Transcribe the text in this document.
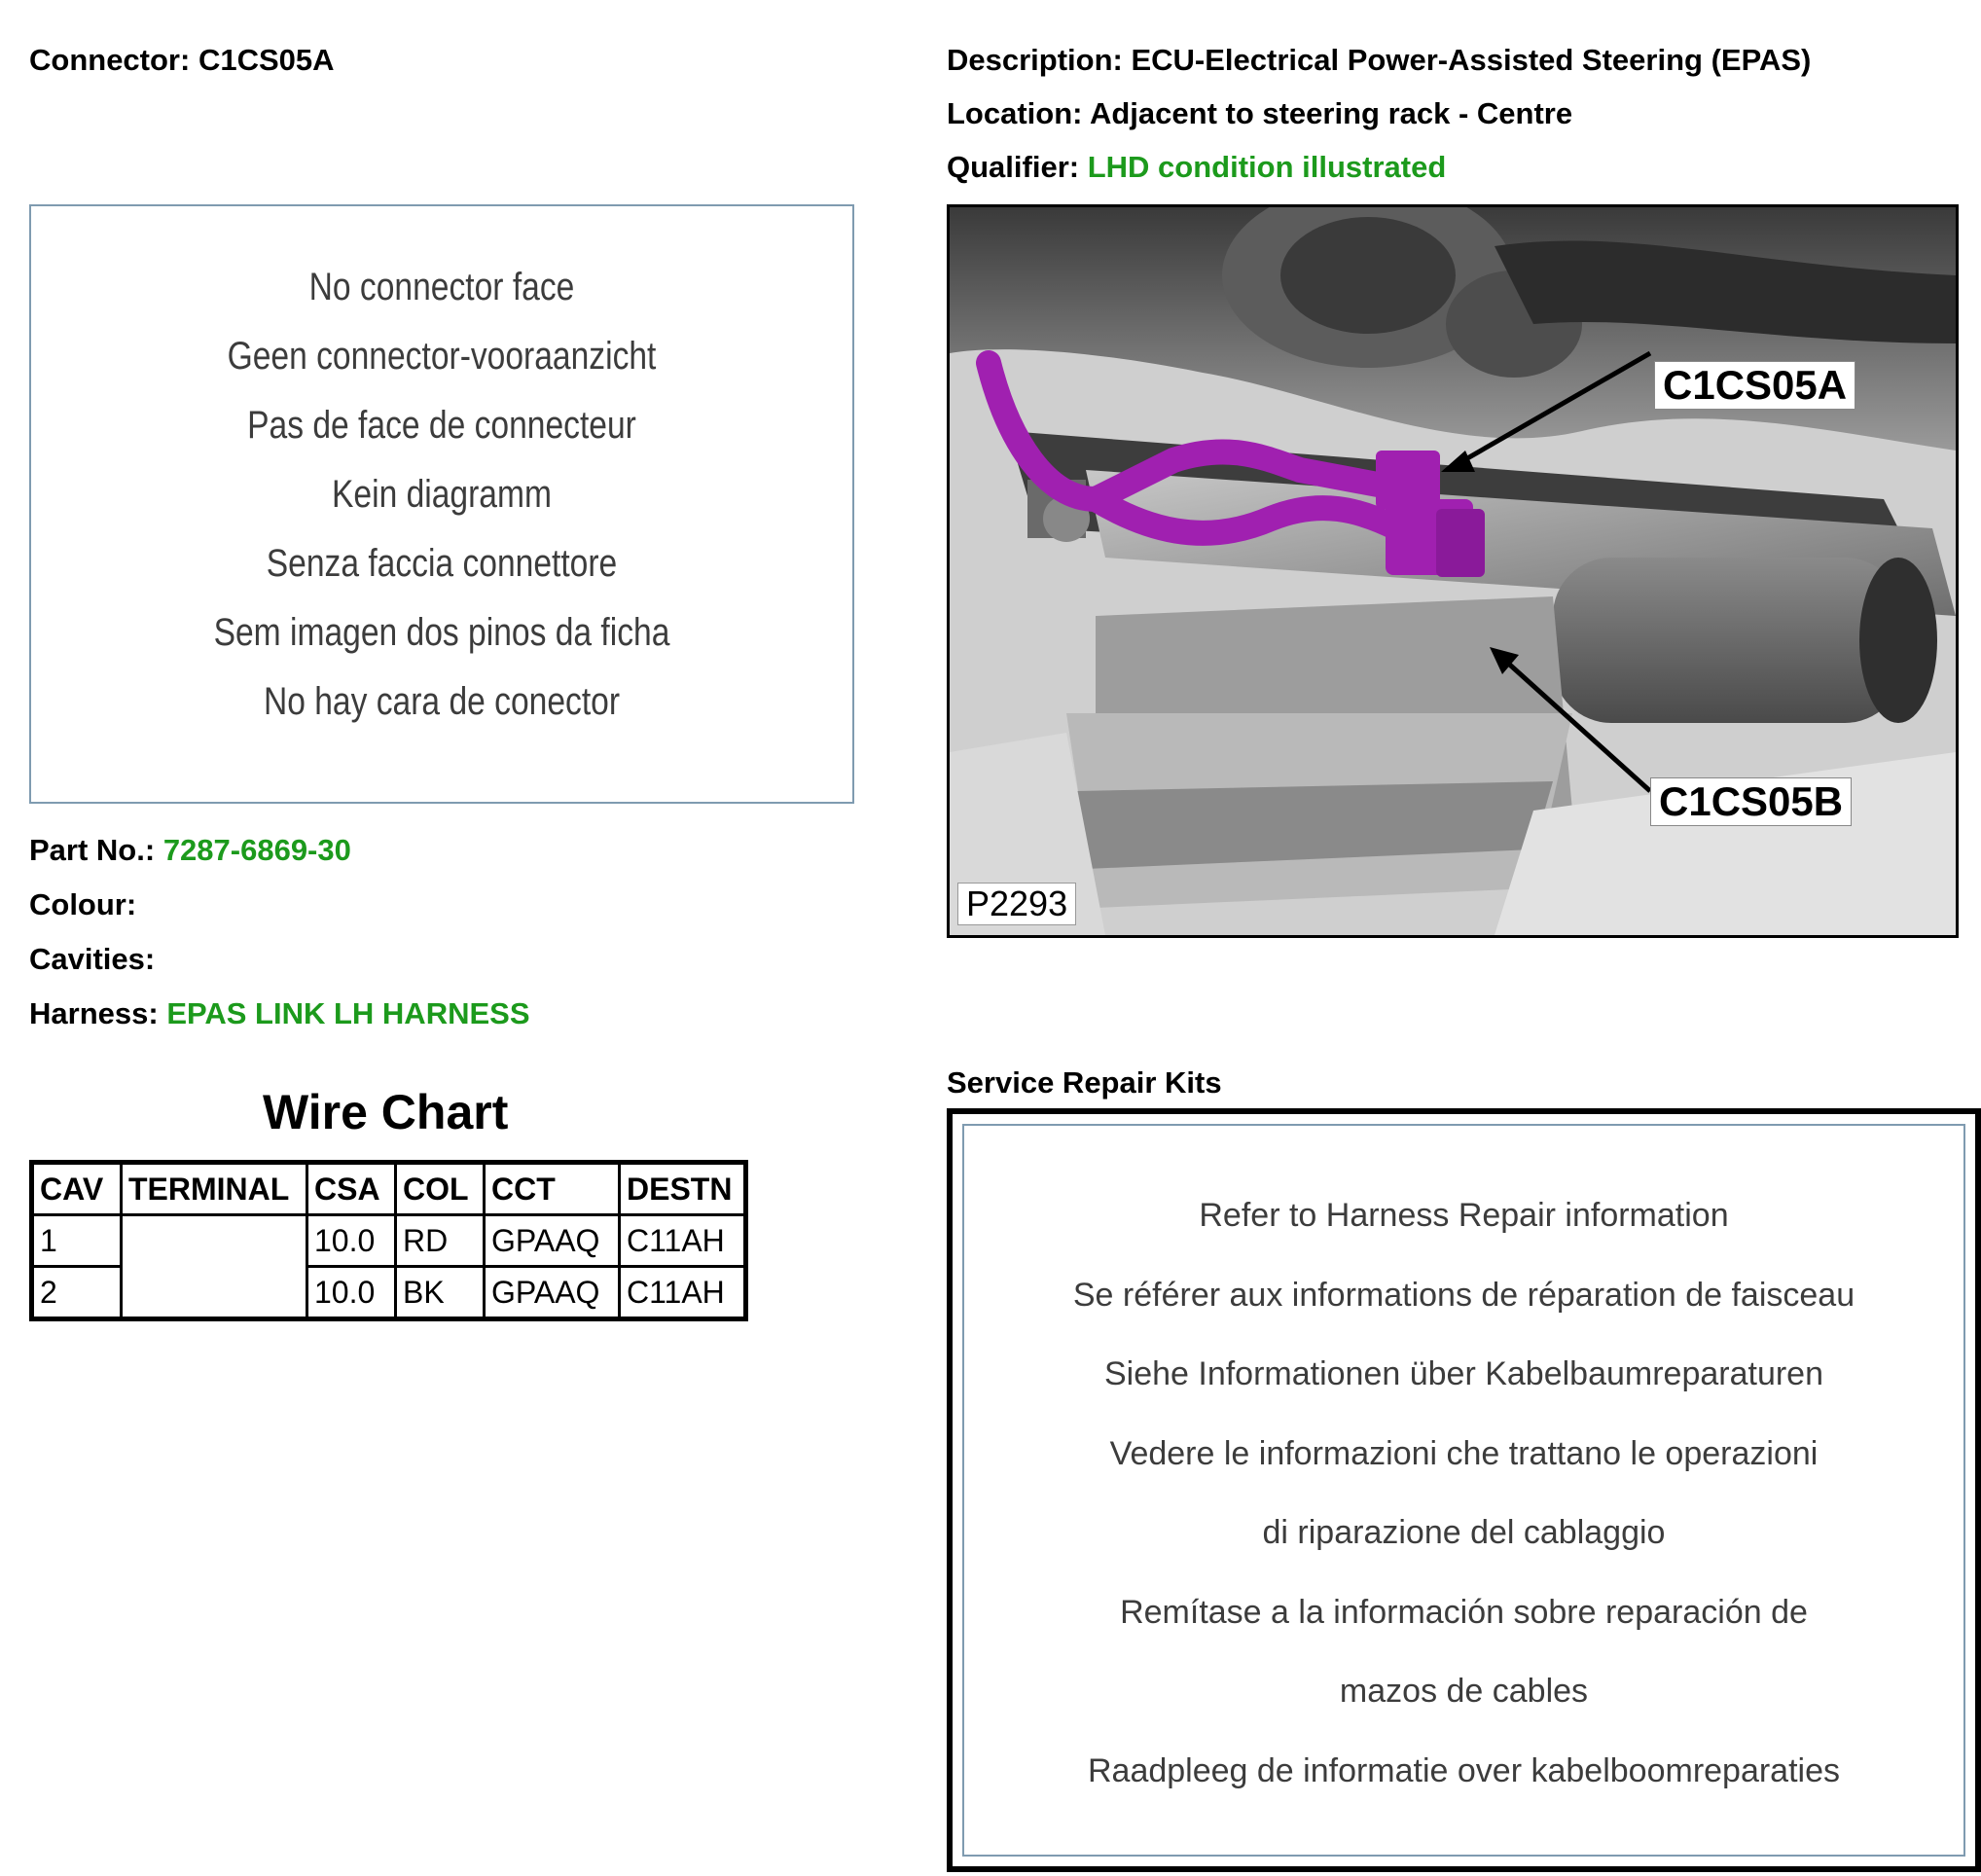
Connector: C1CS05A	Description: ECU-Electrical Power-Assisted Steering (EPAS)
Location: Adjacent to steering rack - Centre
Qualifier: LHD condition illustrated
No connector face
Geen connector-vooraanzicht
Pas de face de connecteur
Kein diagramm
Senza faccia connettore
Sem imagen dos pinos da ficha
No hay cara de conector
Part No.: 7287-6869-30
Colour:
Cavities:
Harness: EPAS LINK LH HARNESS
Wire Chart
CAV	TERMINAL	CSA	COL	CCT	DESTN
1		10.0	RD	GPAAQ	C11AH
2		10.0	BK	GPAAQ	C11AH
C1CS05A
C1CS05B
P2293
Service Repair Kits
Refer to Harness Repair information
Se référer aux informations de réparation de faisceau
Siehe Informationen über Kabelbaumreparaturen
Vedere le informazioni che trattano le operazioni
di riparazione del cablaggio
Remítase a la información sobre reparación de
mazos de cables
Raadpleeg de informatie over kabelboomreparaties
